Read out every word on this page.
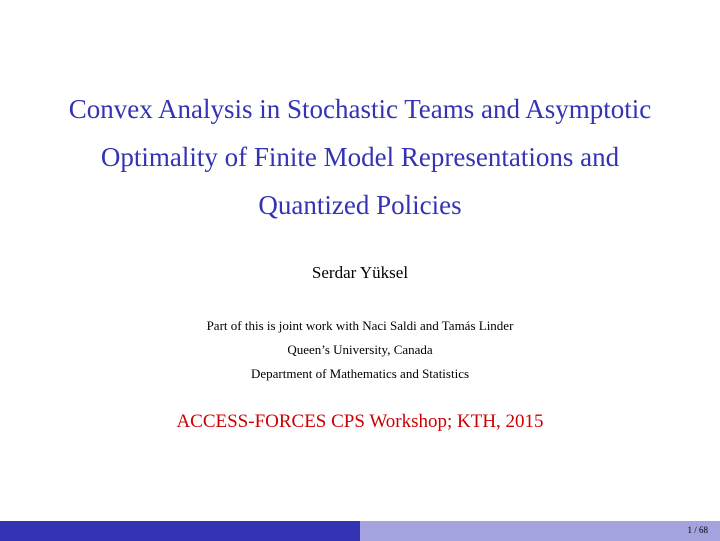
Convex Analysis in Stochastic Teams and Asymptotic
Optimality of Finite Model Representations and
Quantized Policies
Serdar Yüksel
Part of this is joint work with Naci Saldi and Tamás Linder
Queen’s University, Canada
Department of Mathematics and Statistics
ACCESS-FORCES CPS Workshop; KTH, 2015
1 / 68
